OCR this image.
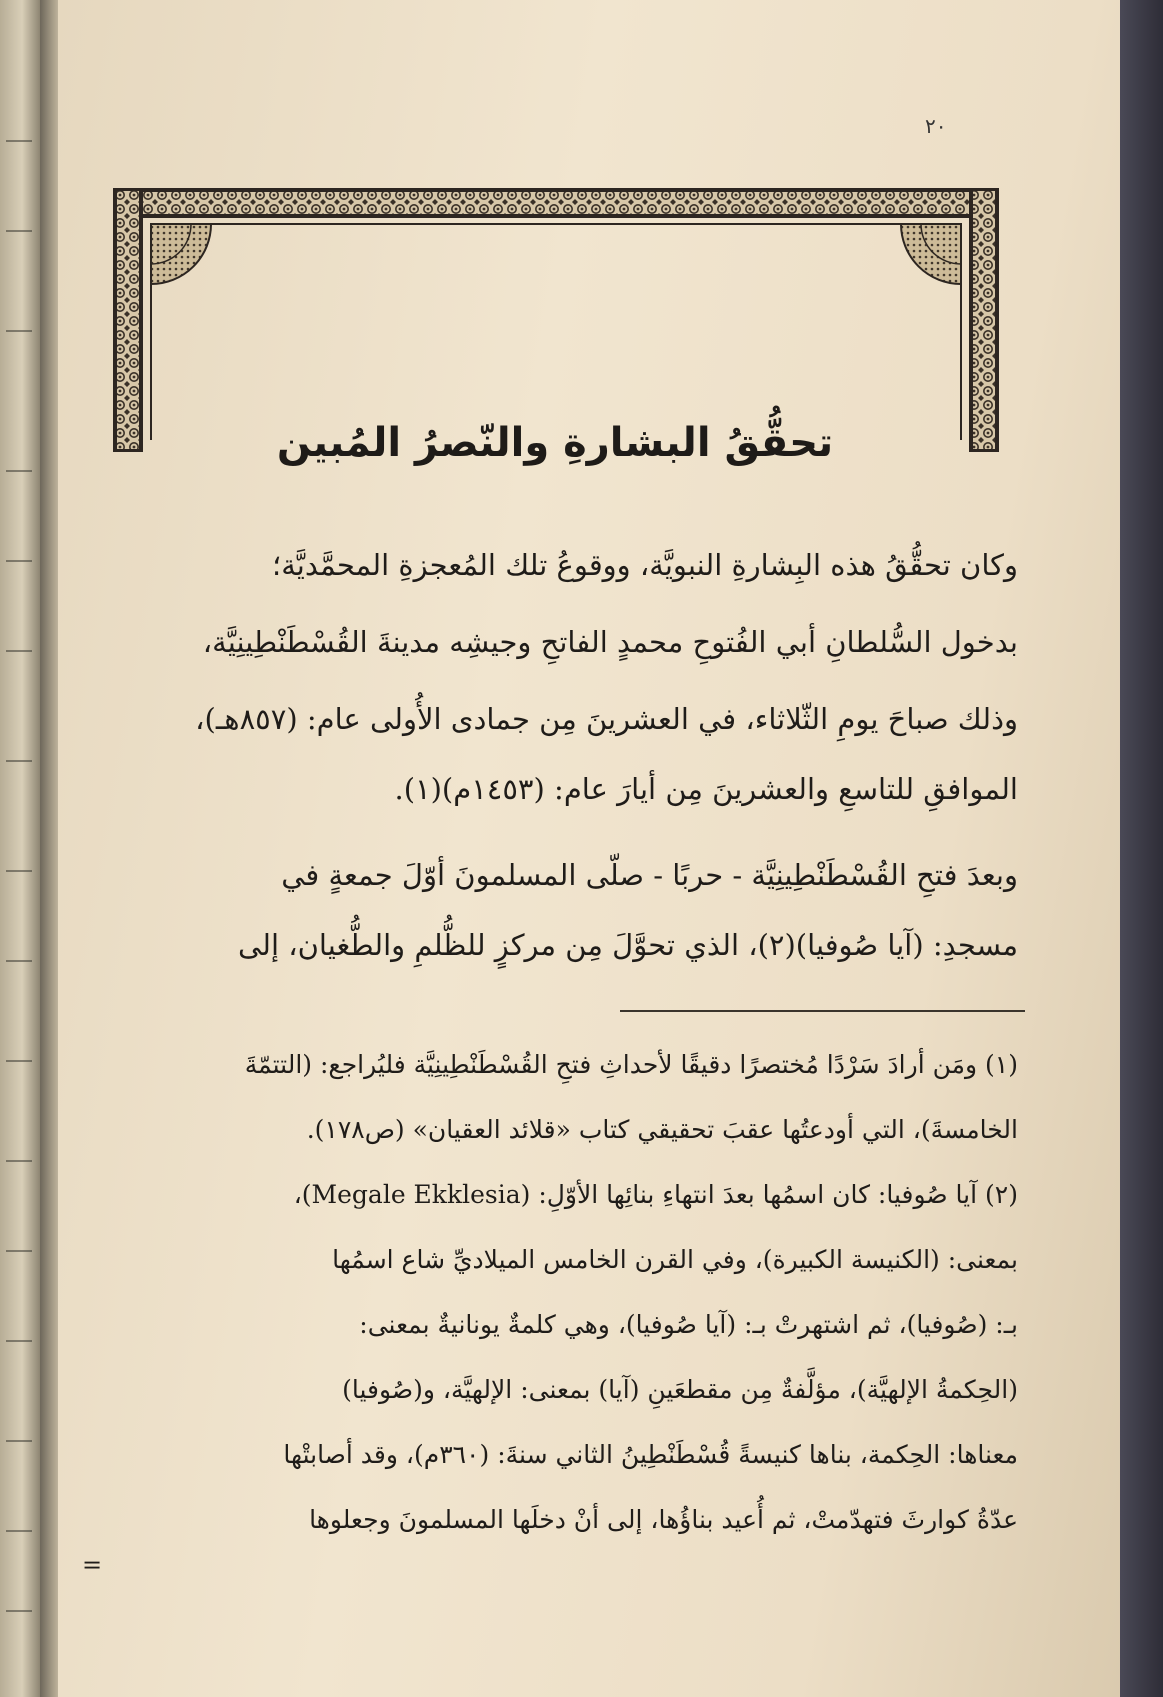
٢٠
تحقُّقُ البشارةِ والنّصرُ المُبين
وكان تحقُّقُ هذه البِشارةِ النبويَّة، ووقوعُ تلك المُعجزةِ المحمَّديَّة؛
بدخول السُّلطانِ أبي الفُتوحِ محمدٍ الفاتحِ وجيشِه مدينةَ القُسْطَنْطِينِيَّة،
وذلك صباحَ يومِ الثّلاثاء، في العشرينَ مِن جمادى الأُولى عام: (٨٥٧هـ)،
الموافقِ للتاسعِ والعشرينَ مِن أيارَ عام: (١٤٥٣م)(١).
وبعدَ فتحِ القُسْطَنْطِينِيَّة - حربًا - صلّى المسلمونَ أوّلَ جمعةٍ في
مسجدِ: (آيا صُوفيا)(٢)، الذي تحوَّلَ مِن مركزٍ للظُّلمِ والطُّغيان، إلى
(١) ومَن أرادَ سَرْدًا مُختصرًا دقيقًا لأحداثِ فتحِ القُسْطَنْطِينِيَّة فليُراجع: (التتمّةَ
الخامسةَ)، التي أودعتُها عقبَ تحقيقي كتاب «قلائد العقيان» (ص١٧٨).
(٢) آيا صُوفيا: كان اسمُها بعدَ انتهاءِ بنائِها الأوّلِ: (Megale Ekklesia)،
بمعنى: (الكنيسة الكبيرة)، وفي القرن الخامس الميلاديِّ شاع اسمُها
بـ: (صُوفيا)، ثم اشتهرتْ بـ: (آيا صُوفيا)، وهي كلمةٌ يونانيةٌ بمعنى:
(الحِكمةُ الإلهيَّة)، مؤلَّفةٌ مِن مقطعَينِ (آيا) بمعنى: الإلهيَّة، و(صُوفيا)
معناها: الحِكمة، بناها كنيسةً قُسْطَنْطِينُ الثاني سنةَ: (٣٦٠م)، وقد أصابتْها
عدّةُ كوارثَ فتهدّمتْ، ثم أُعيد بناؤُها، إلى أنْ دخلَها المسلمونَ وجعلوها
=
